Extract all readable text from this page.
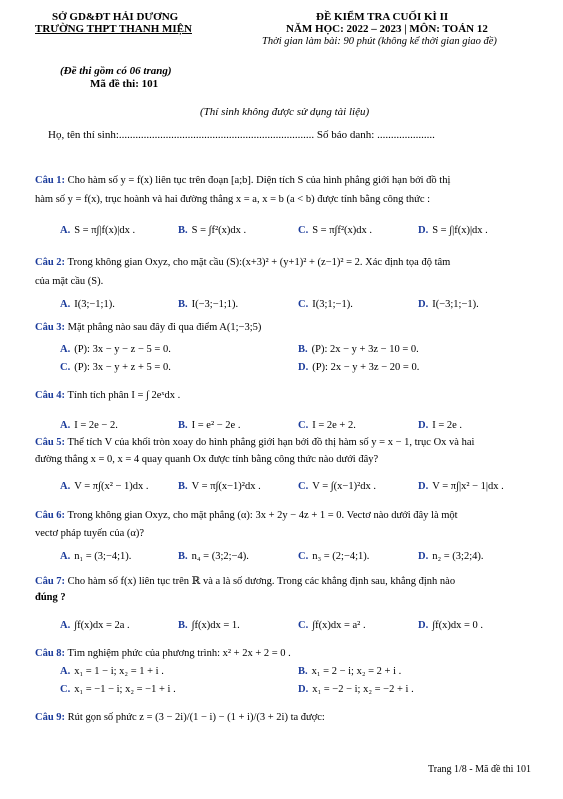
SỞ GD&ĐT HẢI DƯƠNG
TRƯỜNG THPT THANH MIỆN
ĐỀ KIỂM TRA CUỐI KÌ II
NĂM HỌC: 2022 – 2023 | MÔN: TOÁN 12
Thời gian làm bài: 90 phút (không kể thời gian giao đề)
(Đề thi gồm có 06 trang)
Mã đề thi: 101
(Thí sinh không được sử dụng tài liệu)
Họ, tên thí sinh:....................................................................... Số báo danh: .....................
Câu 1: Cho hàm số y = f(x) liên tục trên đoạn [a;b]. Diện tích S của hình phẳng giới hạn bởi đồ thị
hàm số y = f(x), trục hoành và hai đường thẳng x = a, x = b (a < b) được tính bằng công thức :
A. S = π∫|f(x)|dx .	B. S = ∫f²(x)dx .	C. S = π∫f²(x)dx .	D. S = ∫|f(x)|dx .
Câu 2: Trong không gian Oxyz, cho mặt cầu (S):(x+3)² + (y+1)² + (z−1)² = 2. Xác định tọa độ tâm
của mặt cầu (S).
A. I(3;−1;1).	B. I(−3;−1;1).	C. I(3;1;−1).	D. I(−3;1;−1).
Câu 3: Mặt phẳng nào sau đây đi qua điểm A(1;−3;5)
A. (P): 3x − y − z − 5 = 0.	B. (P): 2x − y + 3z − 10 = 0.
C. (P): 3x − y + z + 5 = 0.	D. (P): 2x − y + 3z − 20 = 0.
Câu 4: Tính tích phân I = ∫ 2eˣdx .
A. I = 2e − 2.	B. I = e² − 2e .	C. I = 2e + 2.	D. I = 2e .
Câu 5: Thể tích V của khối tròn xoay do hình phẳng giới hạn bởi đồ thị hàm số y = x − 1, trục Ox và hai
đường thẳng x = 0, x = 4 quay quanh Ox được tính bằng công thức nào dưới đây?
A. V = π∫(x² − 1)dx .	B. V = π∫(x−1)²dx .	C. V = ∫(x−1)²dx .	D. V = π∫|x² − 1|dx .
Câu 6: Trong không gian Oxyz, cho mặt phẳng (α): 3x + 2y − 4z + 1 = 0. Vectơ nào dưới đây là một
vectơ pháp tuyến của (α)?
A. n₁ = (3;−4;1).	B. n₄ = (3;2;−4).	C. n₃ = (2;−4;1).	D. n₂ = (3;2;4).
Câu 7: Cho hàm số f(x) liên tục trên ℝ và a là số dương. Trong các khẳng định sau, khẳng định nào
đúng ?
A. ∫f(x)dx = 2a .	B. ∫f(x)dx = 1.	C. ∫f(x)dx = a² .	D. ∫f(x)dx = 0 .
Câu 8: Tìm nghiệm phức của phương trình: x² + 2x + 2 = 0 .
A. x₁ = 1 − i; x₂ = 1 + i .	B. x₁ = 2 − i; x₂ = 2 + i .
C. x₁ = −1 − i; x₂ = −1 + i .	D. x₁ = −2 − i; x₂ = −2 + i .
Câu 9: Rút gọn số phức z = (3 − 2i)/(1 − i) − (1 + i)/(3 + 2i) ta được:
Trang 1/8 - Mã đề thi 101
